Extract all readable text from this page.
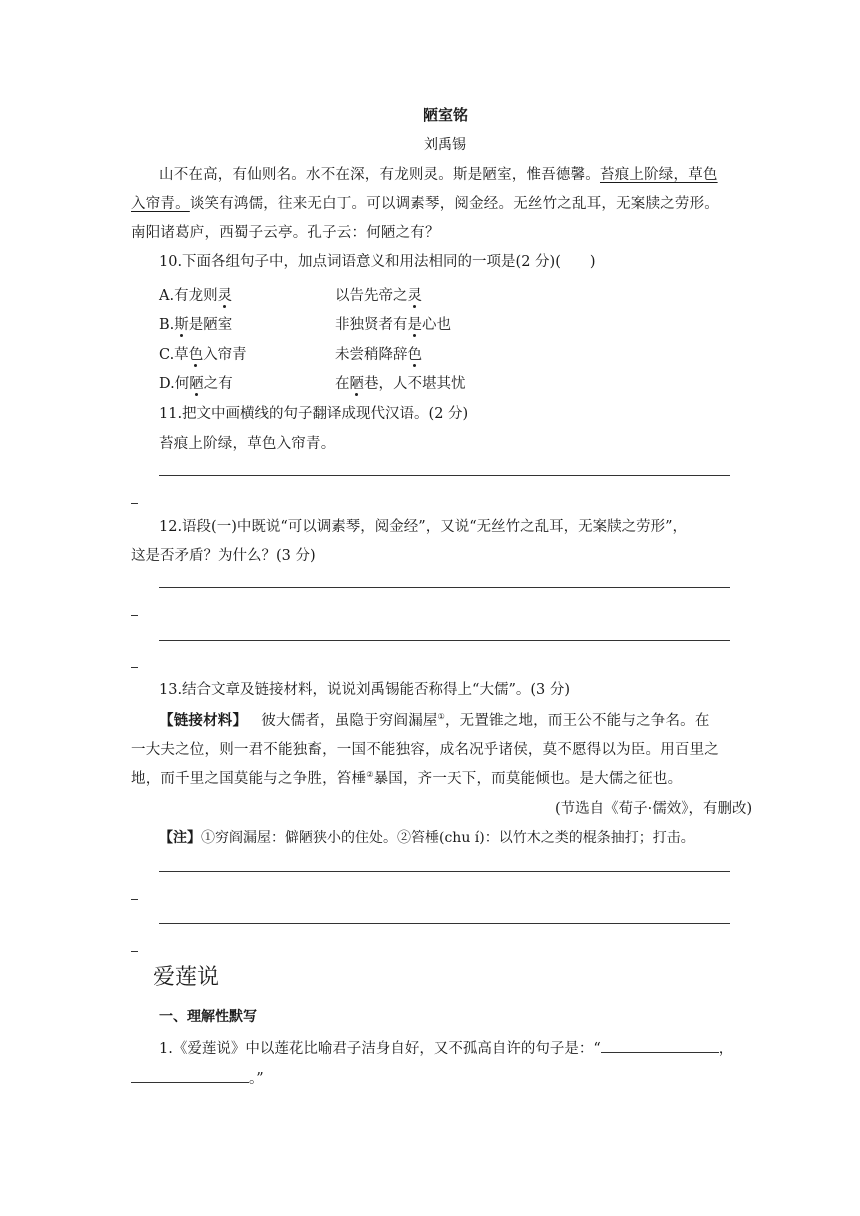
陋室铭
刘禹锡
山不在高，有仙则名。水不在深，有龙则灵。斯是陋室，惟吾德馨。苔痕上阶绿，草色
入帘青。谈笑有鸿儒，往来无白丁。可以调素琴，阅金经。无丝竹之乱耳，无案牍之劳形。
南阳诸葛庐，西蜀子云亭。孔子云：何陋之有？
10.下面各组句子中，加点词语意义和用法相同的一项是(2 分)(　　)
A.有龙则灵	以告先帝之灵
B.斯是陋室	非独贤者有是心也
C.草色入帘青	未尝稍降辞色
D.何陋之有	在陋巷，人不堪其忧
11.把文中画横线的句子翻译成现代汉语。(2 分)
苔痕上阶绿，草色入帘青。
12.语段(一)中既说“可以调素琴，阅金经”，又说“无丝竹之乱耳，无案牍之劳形”，
这是否矛盾？为什么？(3 分)
13.结合文章及链接材料，说说刘禹锡能否称得上“大儒”。(3 分)
【链接材料】 彼大儒者，虽隐于穷阎漏屋①，无置锥之地，而王公不能与之争名。在
一大夫之位，则一君不能独畜，一国不能独容，成名况乎诸侯，莫不愿得以为臣。用百里之
地，而千里之国莫能与之争胜，笞棰②暴国，齐一天下，而莫能倾也。是大儒之征也。
(节选自《荀子·儒效》，有删改)
【注】①穷阎漏屋：僻陋狭小的住处。②笞棰(chu í)：以竹木之类的棍条抽打；打击。
爱莲说
一、理解性默写
1.《爱莲说》中以莲花比喻君子洁身自好，又不孤高自许的句子是：“	，
。”
